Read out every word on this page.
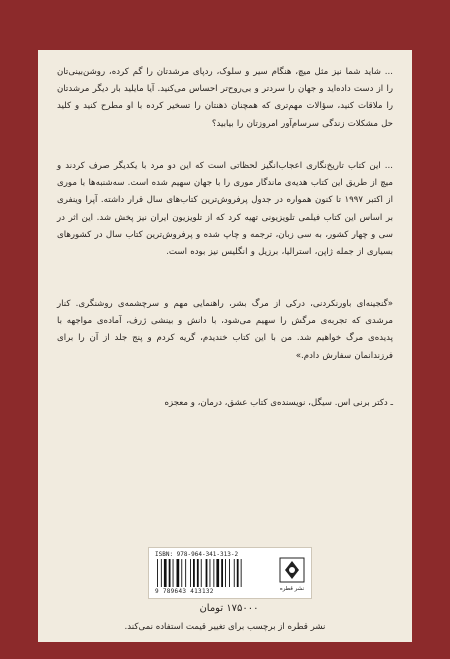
... شاید شما نیز مثل میچ، هنگام سیر و سلوک، ردپای مرشدتان را گم کرده، روشن‌بینی‌تان را از دست داده‌اید و جهان را سردتر و بی‌روح‌تر احساس می‌کنید. آیا مایلید بار دیگر مرشدتان را ملاقات کنید، سؤالات مهم‌تری که همچنان ذهنتان را تسخیر کرده با او مطرح کنید و کلید حل مشکلات زندگی سرسام‌آور امروزتان را بیابید؟
... این کتاب تاریخ‌نگاری اعجاب‌انگیز لحظاتی است که این دو مرد با یکدیگر صرف کردند و میچ از طریق این کتاب هدیه‌ی ماندگار موری را با جهان سهیم شده است. سه‌شنبه‌ها با موری از اکتبر ۱۹۹۷ تا کنون همواره در جدول پرفروش‌ترین کتاب‌های سال قرار داشته. آپرا وینفری بر اساس این کتاب فیلمی تلویزیونی تهیه کرد که از تلویزیون ایران نیز پخش شد. این اثر در سی و چهار کشور، به سی زبان، ترجمه و چاپ شده و پرفروش‌ترین کتاب سال در کشورهای بسیاری از جمله ژاپن، استرالیا، برزیل و انگلیس نیز بوده است.
«گنجینه‌ای باورنکردنی، درکی از مرگ بشر، راهنمایی مهم و سرچشمه‌ی روشنگری. کنار مرشدی که تجربه‌ی مرگش را سهیم می‌شود، با دانش و بینشی ژرف، آماده‌ی مواجهه با پدیده‌ی مرگ خواهیم شد. من با این کتاب خندیدم، گریه کردم و پنج جلد از آن را برای فرزندانمان سفارش دادم.»
ـ دکتر برنی اس. سیگل، نویسنده‌ی کتاب عشق، درمان، و معجزه
ISBN: 978-964-341-313-2
9 789643 413132	نشر قطره
۱۷۵۰۰۰ تومان
نشر قطره از برچسب برای تغییر قیمت استفاده نمی‌کند.
